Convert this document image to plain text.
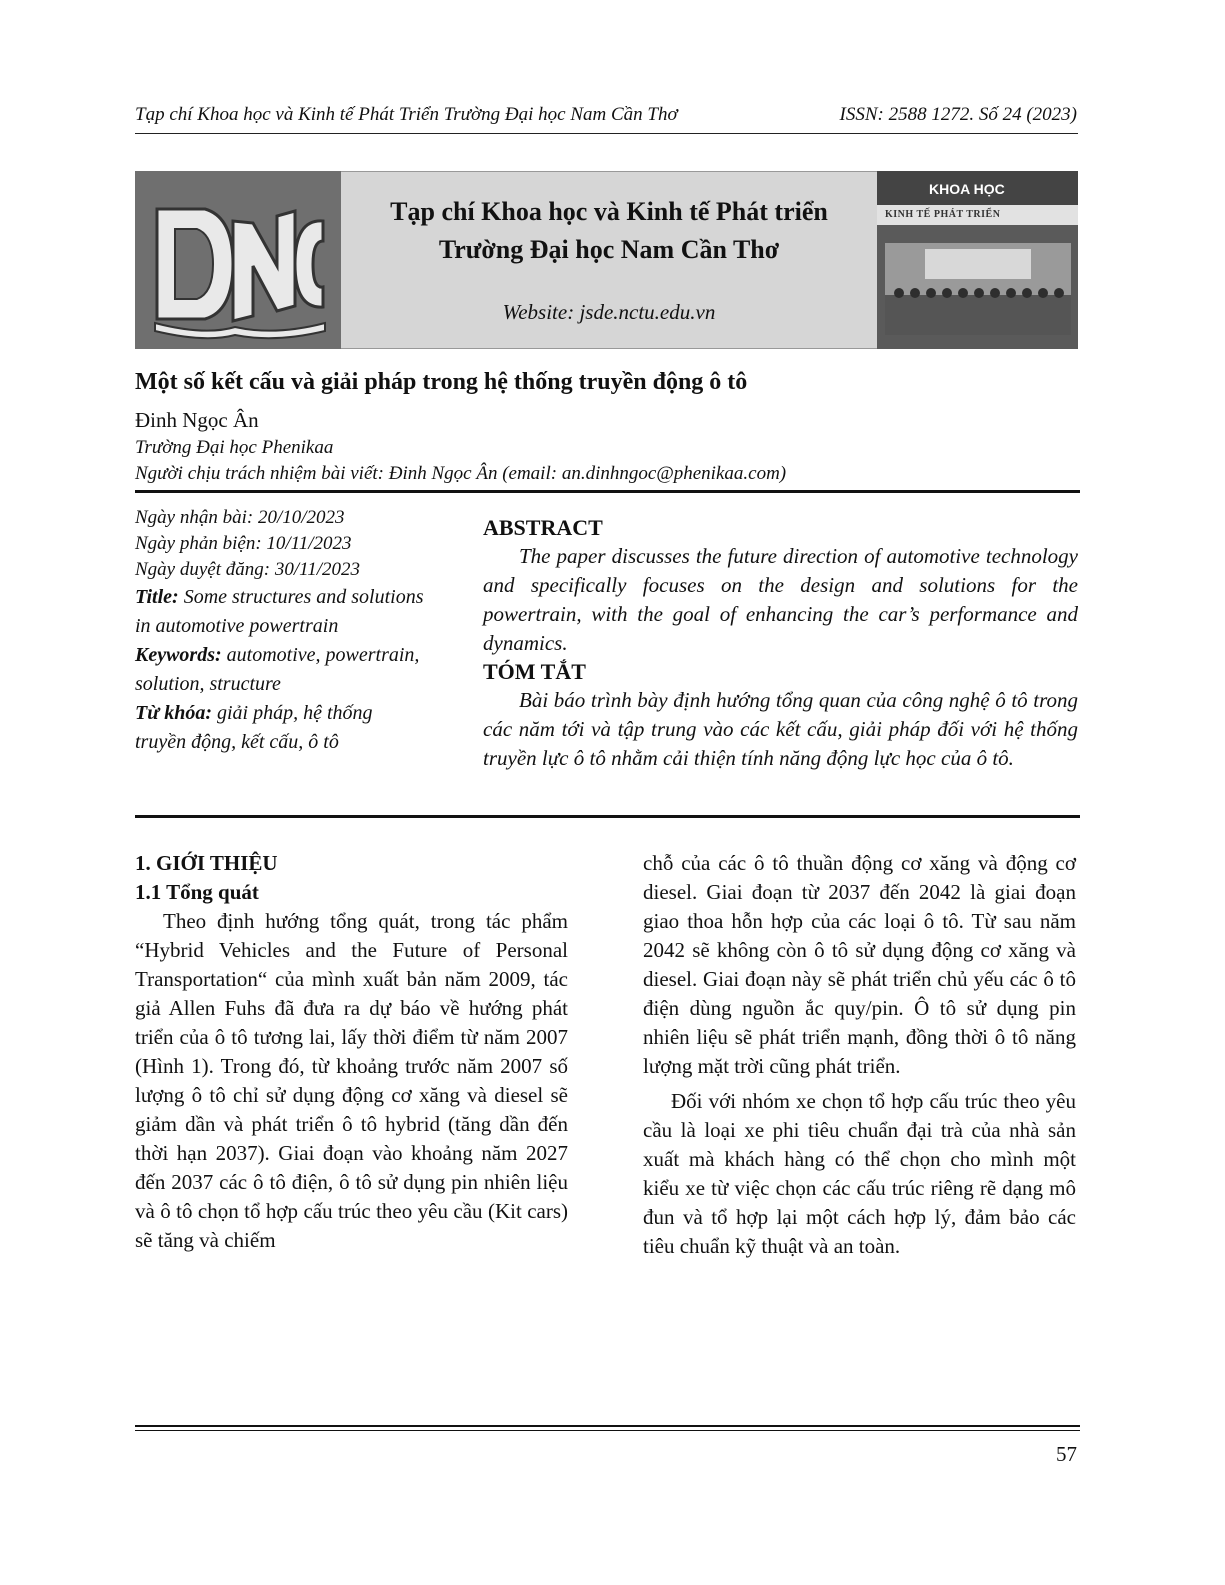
Tạp chí Khoa học và Kinh tế Phát Triển Trường Đại học Nam Cần Thơ	ISSN: 2588 1272. Số 24 (2023)
Tạp chí Khoa học và Kinh tế Phát triển
Trường Đại học Nam Cần Thơ
Website: jsde.nctu.edu.vn
KHOA HỌC
KINH TẾ PHÁT TRIỂN
Một số kết cấu và giải pháp trong hệ thống truyền động ô tô
Đinh Ngọc Ân
Trường Đại học Phenikaa
Người chịu trách nhiệm bài viết: Đinh Ngọc Ân (email: an.dinhngoc@phenikaa.com)
Ngày nhận bài: 20/10/2023
Ngày phản biện: 10/11/2023
Ngày duyệt đăng: 30/11/2023
Title: Some structures and solutions in automotive powertrain
Keywords: automotive, powertrain, solution, structure
Từ khóa: giải pháp, hệ thống truyền động, kết cấu, ô tô
ABSTRACT
The paper discusses the future direction of automotive technology and specifically focuses on the design and solutions for the powertrain, with the goal of enhancing the car’s performance and dynamics.
TÓM TẮT
Bài báo trình bày định hướng tổng quan của công nghệ ô tô trong các năm tới và tập trung vào các kết cấu, giải pháp đối với hệ thống truyền lực ô tô nhằm cải thiện tính năng động lực học của ô tô.
1. GIỚI THIỆU
1.1 Tổng quát

Theo định hướng tổng quát, trong tác phẩm “Hybrid Vehicles and the Future of Personal Transportation“ của mình xuất bản năm 2009, tác giả Allen Fuhs đã đưa ra dự báo về hướng phát triển của ô tô tương lai, lấy thời điểm từ năm 2007 (Hình 1). Trong đó, từ khoảng trước năm 2007 số lượng ô tô chỉ sử dụng động cơ xăng và diesel sẽ giảm dần và phát triển ô tô hybrid (tăng dần đến thời hạn 2037). Giai đoạn vào khoảng năm 2027 đến 2037 các ô tô điện, ô tô sử dụng pin nhiên liệu và ô tô chọn tổ hợp cấu trúc theo yêu cầu (Kit cars) sẽ tăng và chiếm

chỗ của các ô tô thuần động cơ xăng và động cơ diesel. Giai đoạn từ 2037 đến 2042 là giai đoạn giao thoa hỗn hợp của các loại ô tô. Từ sau năm 2042 sẽ không còn ô tô sử dụng động cơ xăng và diesel. Giai đoạn này sẽ phát triển chủ yếu các ô tô điện dùng nguồn ắc quy/pin. Ô tô sử dụng pin nhiên liệu sẽ phát triển mạnh, đồng thời ô tô năng lượng mặt trời cũng phát triển.

Đối với nhóm xe chọn tổ hợp cấu trúc theo yêu cầu là loại xe phi tiêu chuẩn đại trà của nhà sản xuất mà khách hàng có thể chọn cho mình một kiểu xe từ việc chọn các cấu trúc riêng rẽ dạng mô đun và tổ hợp lại một cách hợp lý, đảm bảo các tiêu chuẩn kỹ thuật và an toàn.

57
